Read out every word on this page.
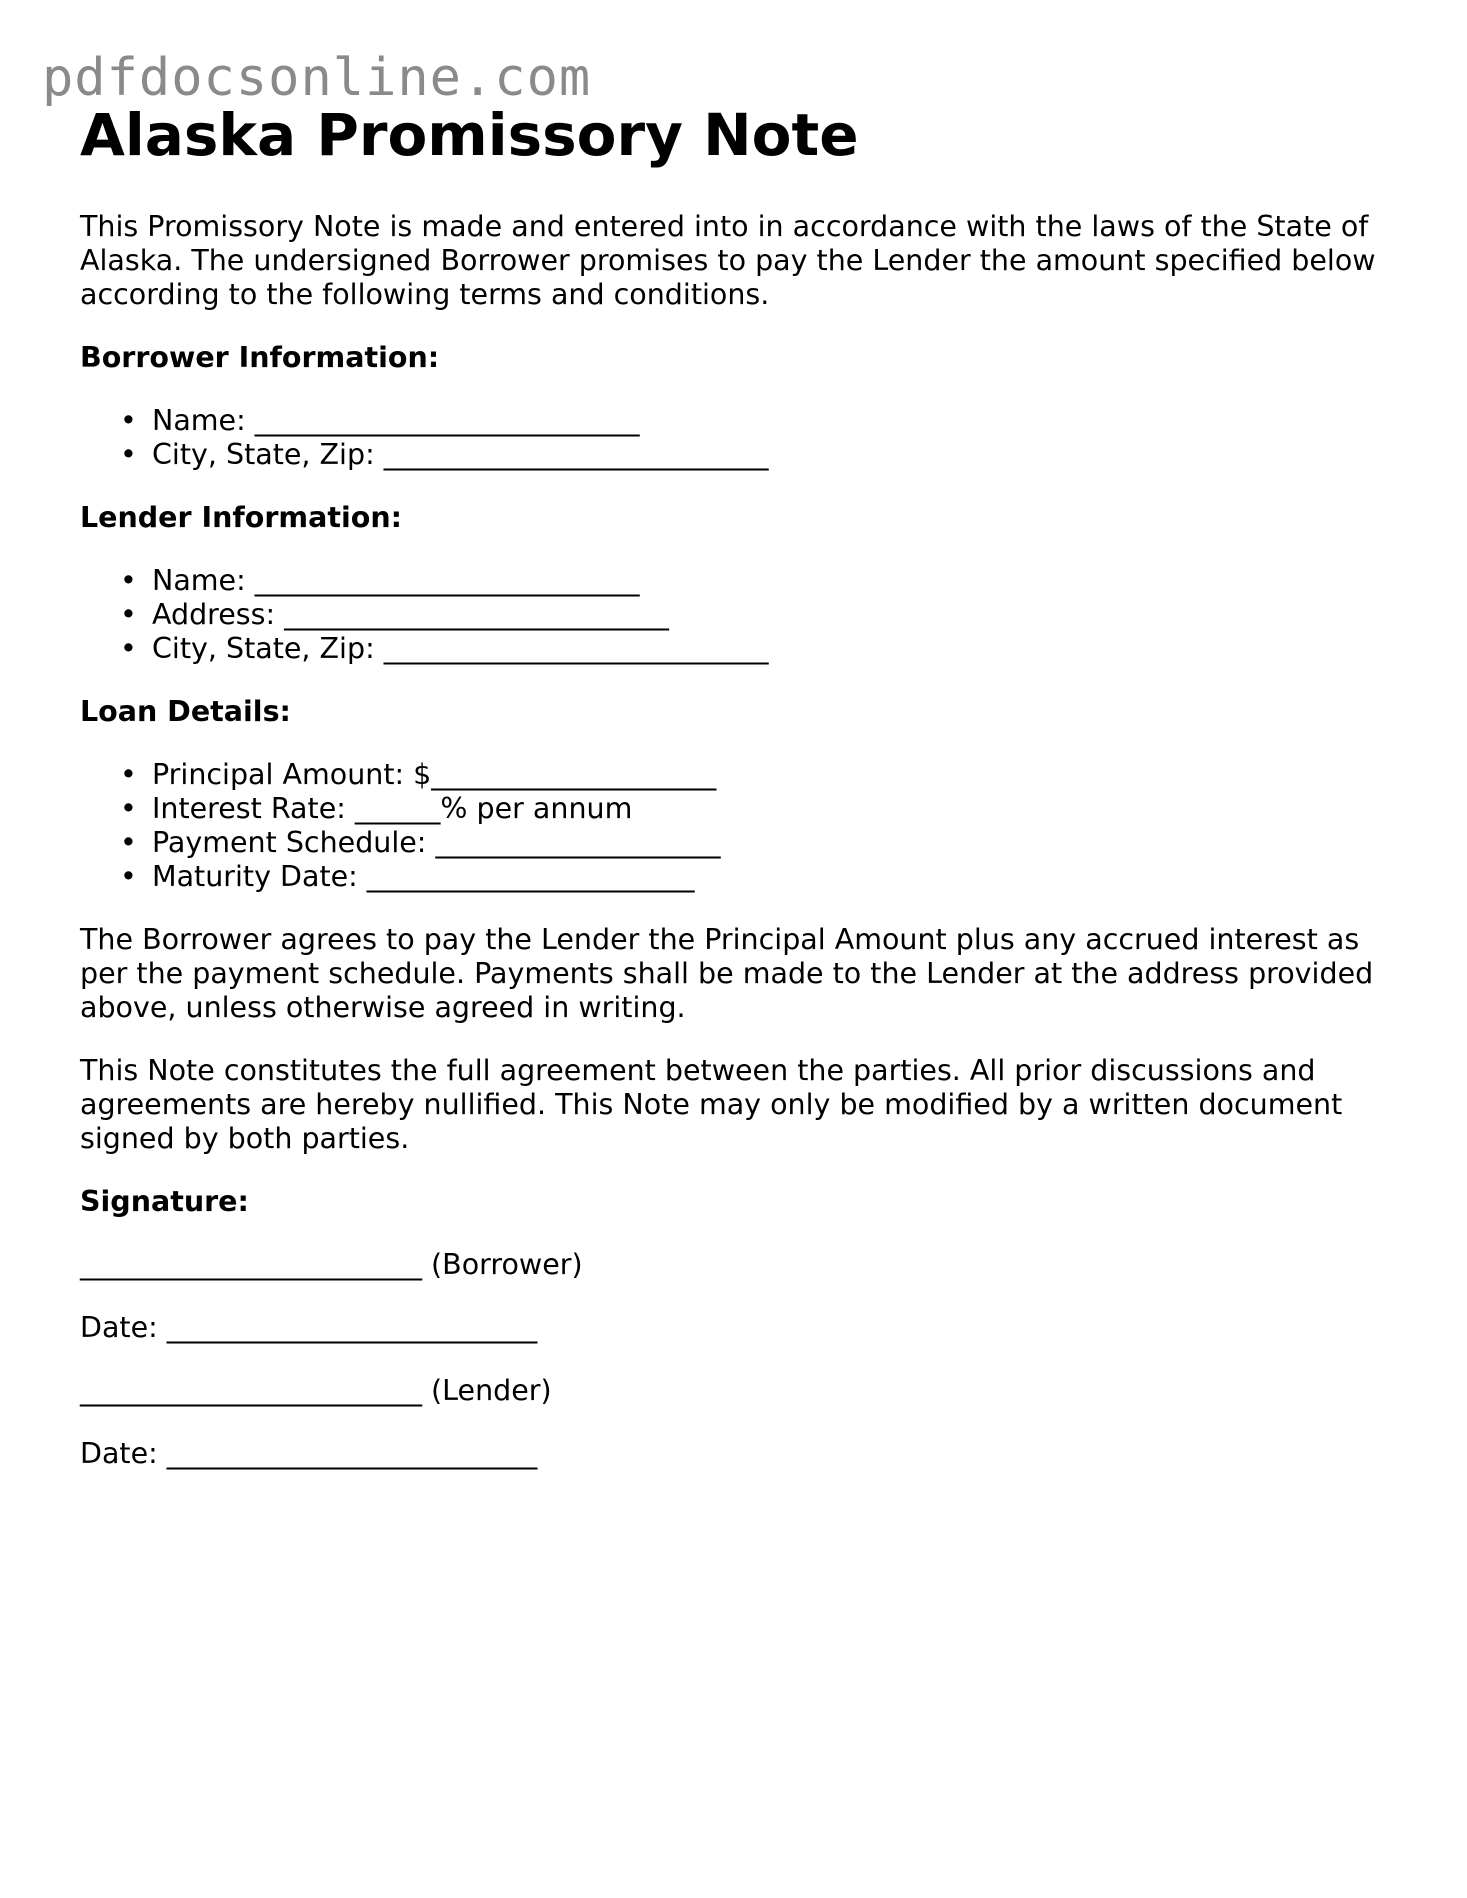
pdfdocsonline.com
Alaska Promissory Note

This Promissory Note is made and entered into in accordance with the laws of the State of Alaska. The undersigned Borrower promises to pay the Lender the amount specified below according to the following terms and conditions.

Borrower Information:
• Name: ___________________________
• City, State, Zip: ___________________________
Lender Information:
• Name: ___________________________
• Address: ___________________________
• City, State, Zip: ___________________________
Loan Details:
• Principal Amount: $____________________
• Interest Rate: ______% per annum
• Payment Schedule: ____________________
• Maturity Date: _______________________

The Borrower agrees to pay the Lender the Principal Amount plus any accrued interest as per the payment schedule. Payments shall be made to the Lender at the address provided above, unless otherwise agreed in writing.

This Note constitutes the full agreement between the parties. All prior discussions and agreements are hereby nullified. This Note may only be modified by a written document signed by both parties.

Signature:

________________________ (Borrower)

Date: __________________________

________________________ (Lender)

Date: __________________________
